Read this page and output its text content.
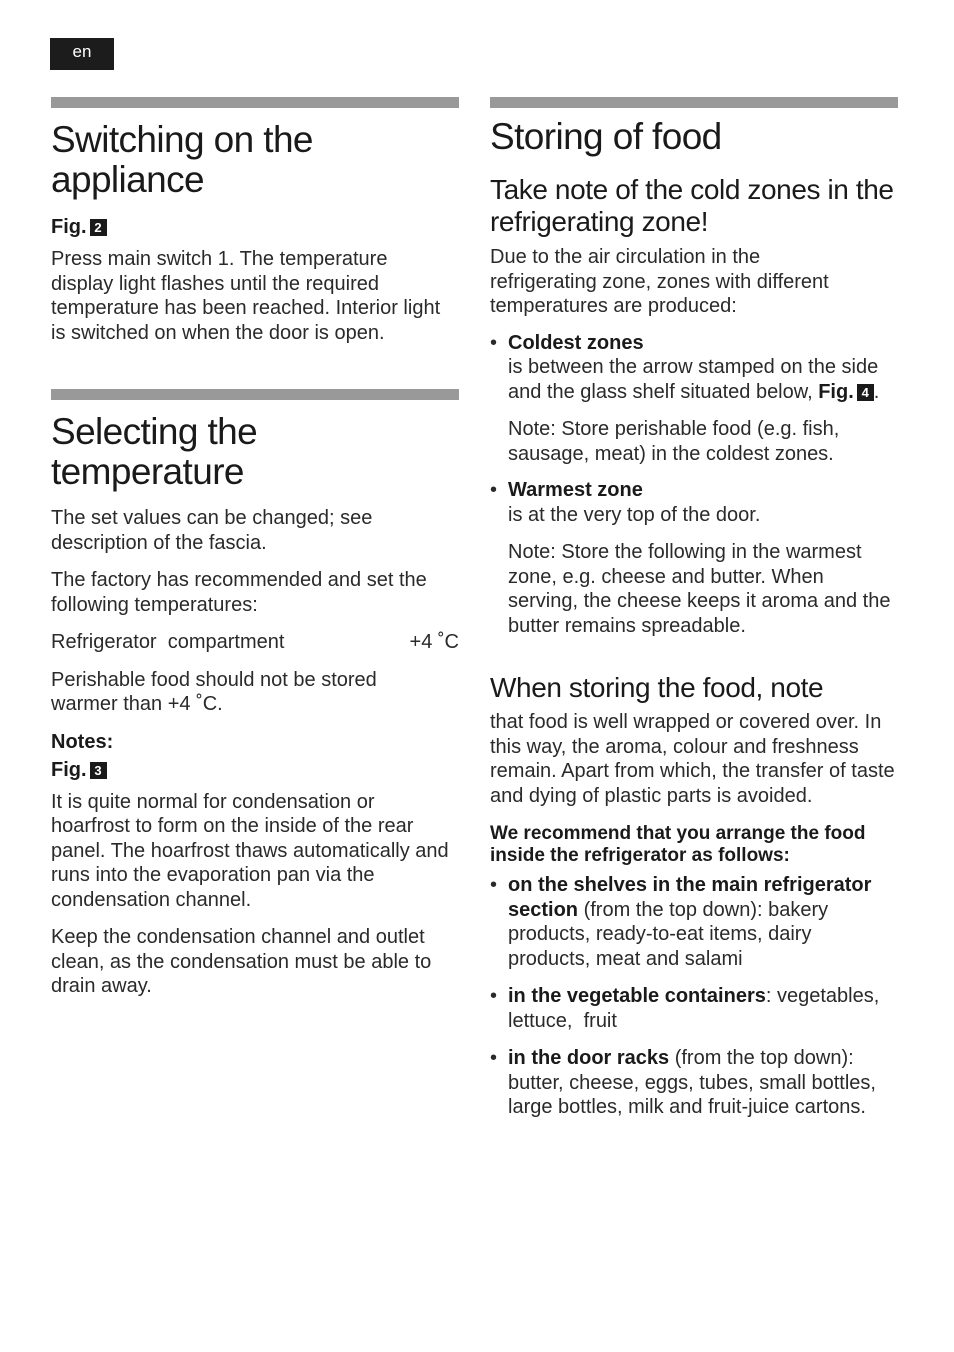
en
Switching on the appliance
Fig. 2

Press main switch 1. The temperature display light flashes until the required temperature has been reached. Interior light is switched on when the door is open.

Selecting the temperature

The set values can be changed; see description of the fascia.

The factory has recommended and set the following temperatures:

Refrigerator  compartment	+4 ˚C

Perishable food should not be stored warmer than +4 ˚C.

Notes:
Fig. 3

It is quite normal for condensation or hoarfrost to form on the inside of the rear panel. The hoarfrost thaws automatically and runs into the evaporation pan via the condensation channel.

Keep the condensation channel and outlet clean, as the condensation must be able to drain away.

Storing of food
Take note of the cold zones in the refrigerating zone!

Due to the air circulation in the refrigerating zone, zones with different temperatures are produced:

• Coldest zones

is between the arrow stamped on the side and the glass shelf situated below, Fig. 4 .

Note: Store perishable food (e.g. fish, sausage, meat) in the coldest zones.

• Warmest zone

is at the very top of the door.

Note: Store the following in the warmest zone, e.g. cheese and butter. When serving, the cheese keeps it aroma and the butter remains spreadable.

When storing the food, note

that food is well wrapped or covered over. In this way, the aroma, colour and freshness remain. Apart from which, the transfer of taste and dying of plastic parts is avoided.

We recommend that you arrange the food inside the refrigerator as follows:

• on the shelves in the main refrigerator section (from the top down): bakery products, ready-to-eat items, dairy products, meat and salami

• in the vegetable containers: vegetables,  lettuce,  fruit

• in the door racks (from the top down): butter, cheese, eggs, tubes, small bottles, large bottles, milk and fruit-juice cartons.
